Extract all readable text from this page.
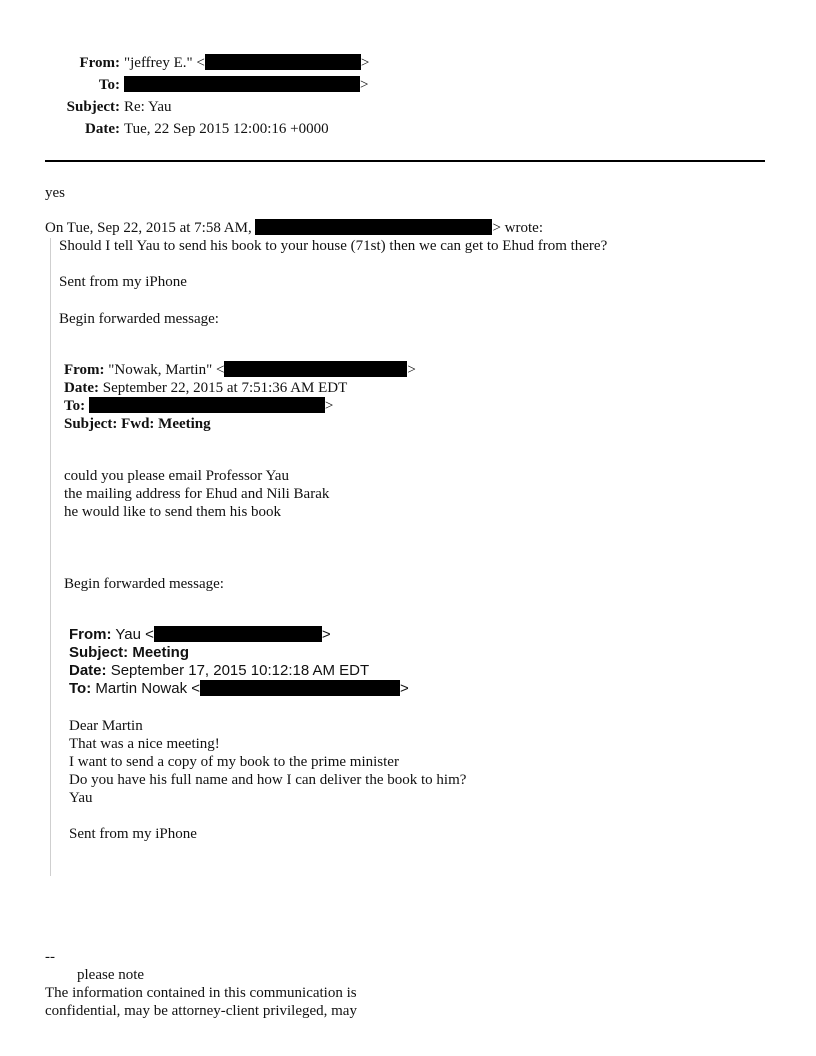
From: "jeffrey E." <	>
To:	>
Subject: Re: Yau
Date: Tue, 22 Sep 2015 12:00:16 +0000
yes
On Tue, Sep 22, 2015 at 7:58 AM,	> wrote:
Should I tell Yau to send his book to your house (71st) then we can get to Ehud from there?
Sent from my iPhone
Begin forwarded message:
From: "Nowak, Martin" <	>
Date: September 22, 2015 at 7:51:36 AM EDT
To:	>
Subject: Fwd: Meeting
could you please email Professor Yau
the mailing address for Ehud and Nili Barak
he would like to send them his book
Begin forwarded message:
From: Yau <	>
Subject: Meeting
Date: September 17, 2015 10:12:18 AM EDT
To: Martin Nowak <	>
Dear Martin
That was a nice meeting!
I want to send a copy of my book to the prime minister
Do you have his full name and how I can deliver the book to him?
Yau
Sent from my iPhone
--
please note
The information contained in this communication is
confidential, may be attorney-client privileged, may
